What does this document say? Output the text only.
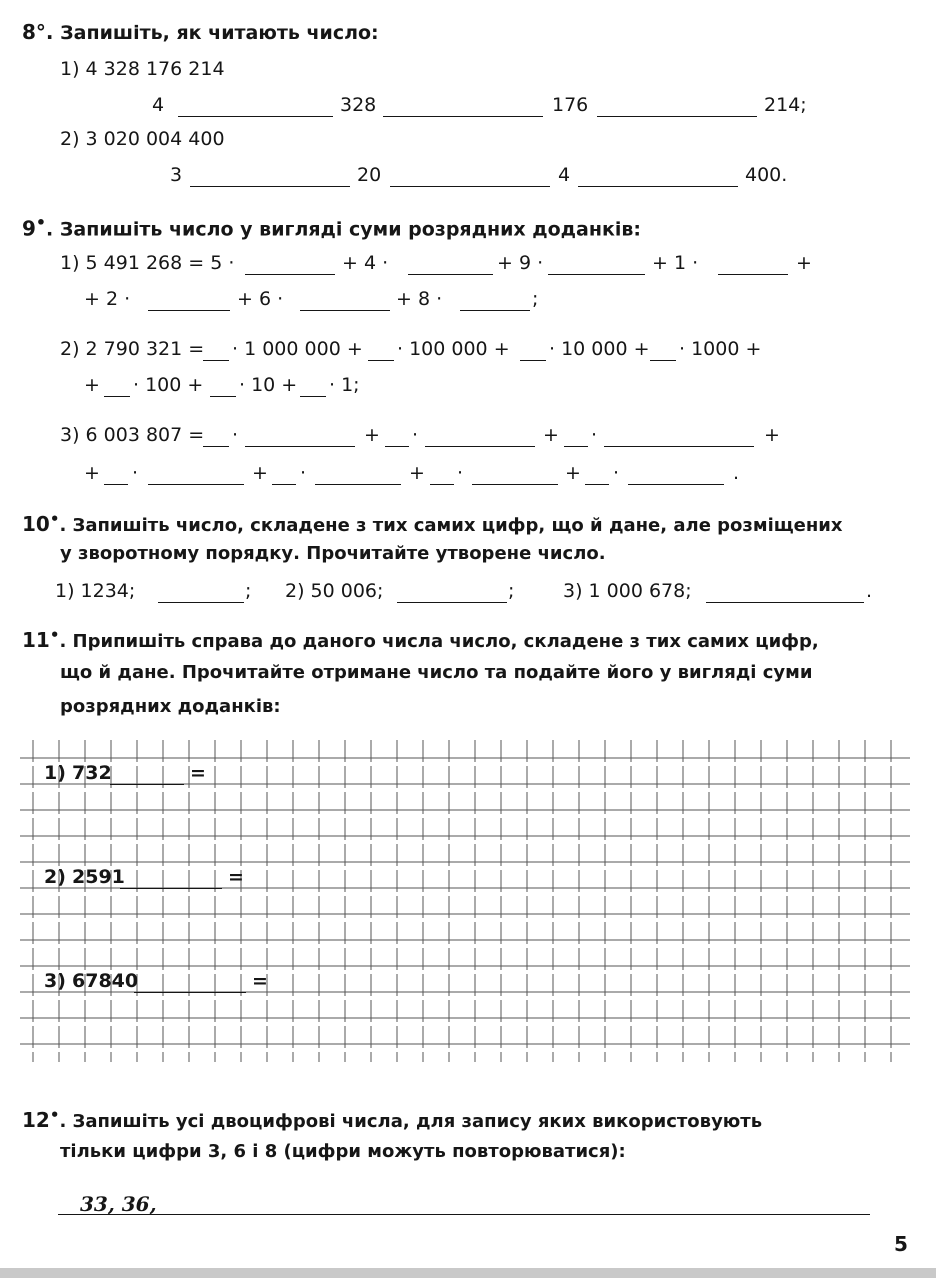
8°. Запишіть, як читають число:
1) 4 328 176 214
4	328	176	214;
2) 3 020 004 400
3	20	4	400.
9•. Запишіть число у вигляді суми розрядних доданків:
1) 5 491 268 = 5 ·	+ 4 ·	+ 9 ·	+ 1 ·	+
+ 2 ·	+ 6 ·	+ 8 ·	;
2) 2 790 321 = · 1 000 000 + · 100 000 + · 10 000 + · 1000 +
+ · 100 + · 10 + · 1;
3) 6 003 807 = ·	+ ·	+ ·	+
+ ·	+ ·	+ ·	+ ·	.
10•. Запишіть число, складене з тих самих цифр, що й дане, але розміщених
у зворотному порядку. Прочитайте утворене число.
1) 1234;	; 2) 50 006;	;	3) 1 000 678;	.
11•. Припишіть справа до даного числа число, складене з тих самих цифр,
що й дане. Прочитайте отримане число та подайте його у вигляді суми
розрядних доданків:
1) 732	=
2) 2591	=
3) 67840	=
12•. Запишіть усі двоцифрові числа, для запису яких використовують
тільки цифри 3, 6 і 8 (цифри можуть повторюватися):
33, 36,
5
